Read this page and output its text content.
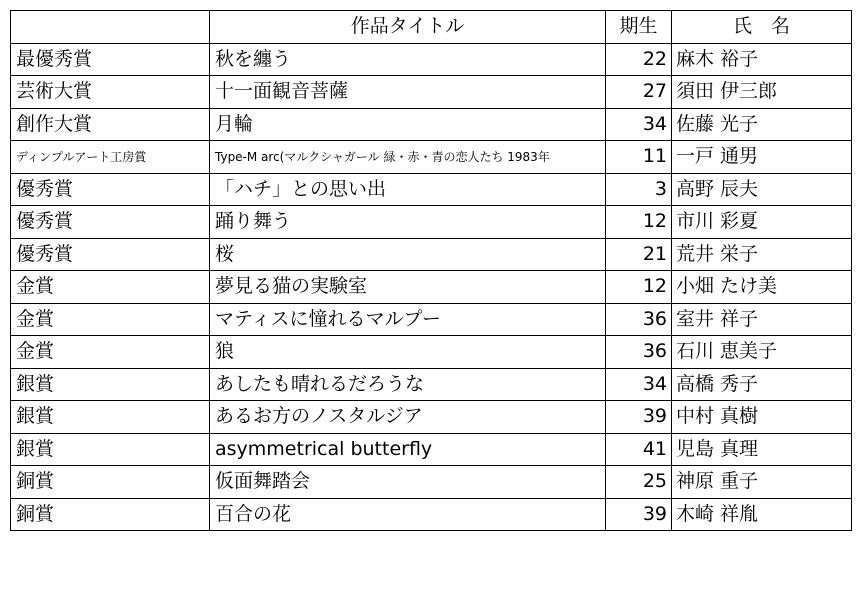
	作品タイトル	期生	氏　名
最優秀賞	秋を纏う	22	麻木 裕子
芸術大賞	十一面観音菩薩	27	須田 伊三郎
創作大賞	月輪	34	佐藤 光子
ディンプルアート工房賞	Type-M arc(マルクシャガール 緑・赤・青の恋人たち 1983年	11	一戸 通男
優秀賞	「ハチ」との思い出	3	高野 辰夫
優秀賞	踊り舞う	12	市川 彩夏
優秀賞	桜	21	荒井 栄子
金賞	夢見る猫の実験室	12	小畑 たけ美
金賞	マティスに憧れるマルプー	36	室井 祥子
金賞	狼	36	石川 恵美子
銀賞	あしたも晴れるだろうな	34	高橋 秀子
銀賞	あるお方のノスタルジア	39	中村 真樹
銀賞	asymmetrical butterfly	41	児島 真理
銅賞	仮面舞踏会	25	神原 重子
銅賞	百合の花	39	木崎 祥胤
